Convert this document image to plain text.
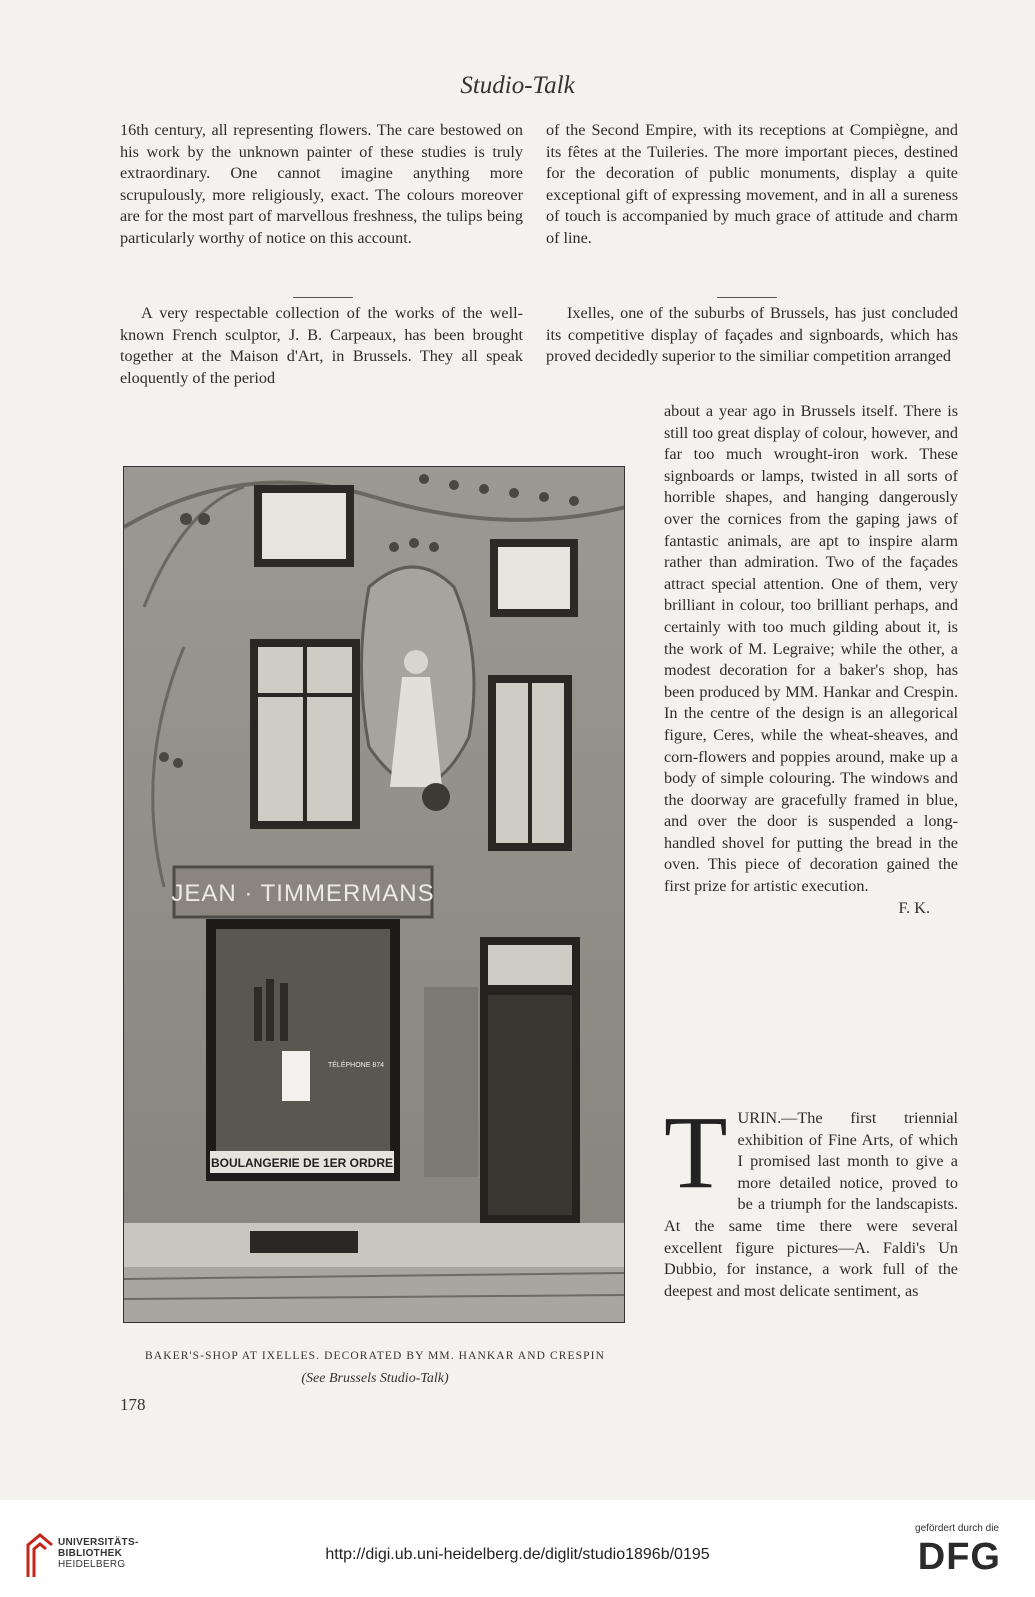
Studio-Talk

16th century, all representing flowers. The care bestowed on his work by the unknown painter of these studies is truly extraordinary. One cannot imagine anything more scrupulously, more religiously, exact. The colours moreover are for the most part of marvellous freshness, the tulips being particularly worthy of notice on this account.

A very respectable collection of the works of the well-known French sculptor, J. B. Carpeaux, has been brought together at the Maison d'Art, in Brussels. They all speak eloquently of the period

of the Second Empire, with its receptions at Compiègne, and its fêtes at the Tuileries. The more important pieces, destined for the decoration of public monuments, display a quite exceptional gift of expressing movement, and in all a sureness of touch is accompanied by much grace of attitude and charm of line.

Ixelles, one of the suburbs of Brussels, has just concluded its competitive display of façades and signboards, which has proved decidedly superior to the similiar competition arranged

about a year ago in Brussels itself. There is still too great display of colour, however, and far too much wrought-iron work. These signboards or lamps, twisted in all sorts of horrible shapes, and hanging dangerously over the cornices from the gaping jaws of fantastic animals, are apt to inspire alarm rather than admiration. Two of the façades attract special attention. One of them, very brilliant in colour, too brilliant perhaps, and certainly with too much gilding about it, is the work of M. Legraive; while the other, a modest decoration for a baker's shop, has been produced by MM. Hankar and Crespin. In the centre of the design is an allegorical figure, Ceres, while the wheat-sheaves, and corn-flowers and poppies around, make up a body of simple colouring. The windows and the doorway are gracefully framed in blue, and over the door is suspended a long-handled shovel for putting the bread in the oven. This piece of decoration gained the first prize for artistic execution.

F. K.

T URIN.—The first triennial exhibition of Fine Arts, of which I promised last month to give a more detailed notice, proved to be a triumph for the landscapists. At the same time there were several excellent figure pictures—A. Faldi's Un Dubbio, for instance, a work full of the deepest and most delicate sentiment, as

JEAN · TIMMERMANS
BOULANGERIE DE 1ER ORDRE
TÉLÉPHONE 874
BAKER'S-SHOP AT IXELLES. DECORATED BY MM. HANKAR AND CRESPIN
(See Brussels Studio-Talk)
178
UNIVERSITÄTS-
BIBLIOTHEK
HEIDELBERG
http://digi.ub.uni-heidelberg.de/diglit/studio1896b/0195
gefördert durch die
DFG
